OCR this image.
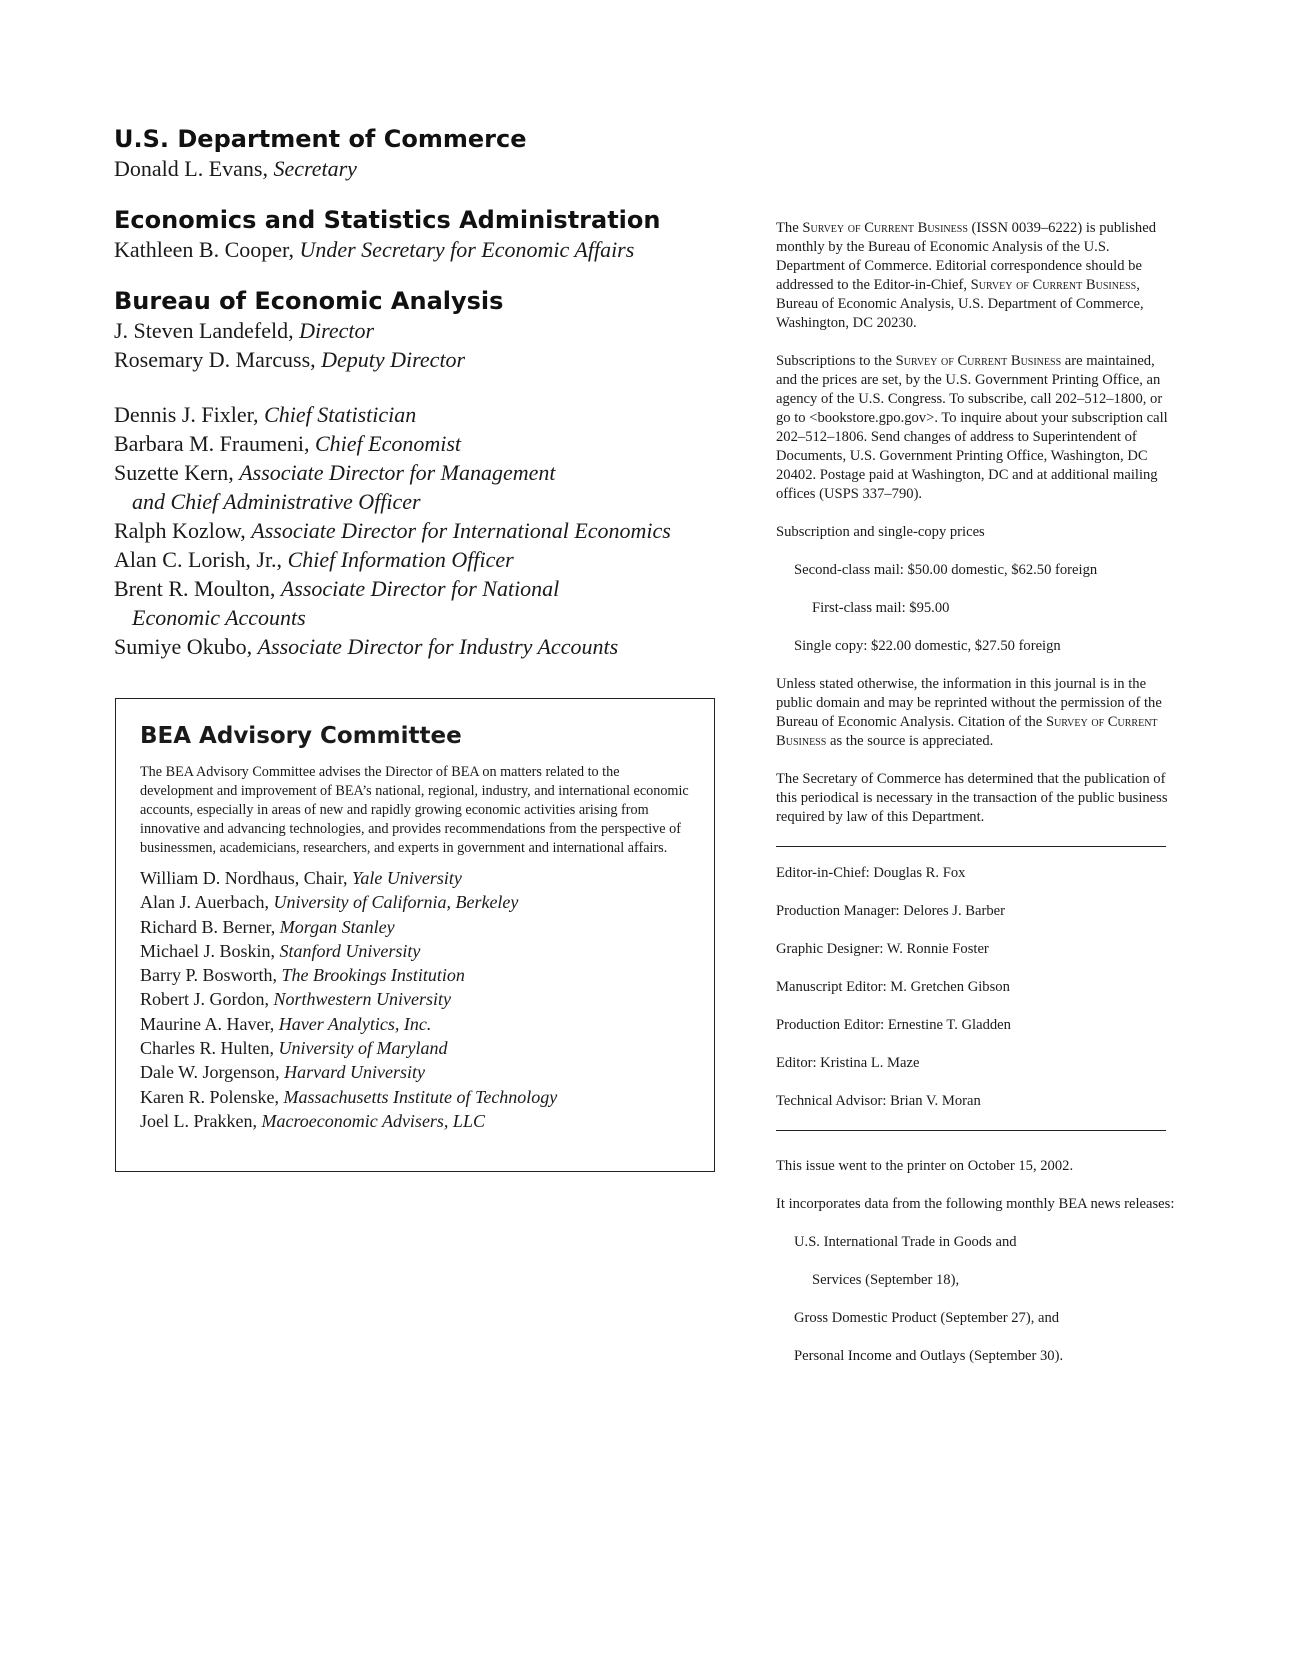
U.S. Department of Commerce

Donald L. Evans, Secretary

Economics and Statistics Administration

Kathleen B. Cooper, Under Secretary for Economic Affairs

Bureau of Economic Analysis

J. Steven Landefeld, Director

Rosemary D. Marcuss, Deputy Director

Dennis J. Fixler, Chief Statistician

Barbara M. Fraumeni, Chief Economist

Suzette Kern, Associate Director for Management

and Chief Administrative Officer

Ralph Kozlow, Associate Director for International Economics

Alan C. Lorish, Jr., Chief Information Officer

Brent R. Moulton, Associate Director for National

Economic Accounts

Sumiye Okubo, Associate Director for Industry Accounts

BEA Advisory Committee

The BEA Advisory Committee advises the Director of BEA on matters related to the development and improvement of BEA’s national, regional, industry, and international economic accounts, especially in areas of new and rapidly growing economic activities arising from innovative and advancing technologies, and provides recommendations from the perspective of businessmen, academicians, researchers, and experts in government and international affairs.

William D. Nordhaus, Chair, Yale University

Alan J. Auerbach, University of California, Berkeley

Richard B. Berner, Morgan Stanley

Michael J. Boskin, Stanford University

Barry P. Bosworth, The Brookings Institution

Robert J. Gordon, Northwestern University

Maurine A. Haver, Haver Analytics, Inc.

Charles R. Hulten, University of Maryland

Dale W. Jorgenson, Harvard University

Karen R. Polenske, Massachusetts Institute of Technology

Joel L. Prakken, Macroeconomic Advisers, LLC

The Survey of Current Business (ISSN 0039–6222) is published monthly by the Bureau of Economic Analysis of the U.S. Department of Commerce. Editorial correspondence should be addressed to the Editor-in-Chief, Survey of Current Business, Bureau of Economic Analysis, U.S. Department of Commerce, Washington, DC 20230.

Subscriptions to the Survey of Current Business are maintained, and the prices are set, by the U.S. Government Printing Office, an agency of the U.S. Congress. To subscribe, call 202–512–1800, or go to <bookstore.gpo.gov>. To inquire about your subscription call 202–512–1806. Send changes of address to Superintendent of Documents, U.S. Government Printing Office, Washington, DC 20402. Postage paid at Washington, DC and at additional mailing offices (USPS 337–790).

Subscription and single-copy prices

Second-class mail: $50.00 domestic, $62.50 foreign

First-class mail: $95.00

Single copy: $22.00 domestic, $27.50 foreign

Unless stated otherwise, the information in this journal is in the public domain and may be reprinted without the permission of the Bureau of Economic Analysis. Citation of the Survey of Current Business as the source is appreciated.

The Secretary of Commerce has determined that the publication of this periodical is necessary in the transaction of the public business required by law of this Department.

Editor-in-Chief: Douglas R. Fox

Production Manager: Delores J. Barber

Graphic Designer: W. Ronnie Foster

Manuscript Editor: M. Gretchen Gibson

Production Editor: Ernestine T. Gladden

Editor: Kristina L. Maze

Technical Advisor: Brian V. Moran

This issue went to the printer on October 15, 2002.

It incorporates data from the following monthly BEA news releases:

U.S. International Trade in Goods and

Services (September 18),

Gross Domestic Product (September 27), and

Personal Income and Outlays (September 30).
